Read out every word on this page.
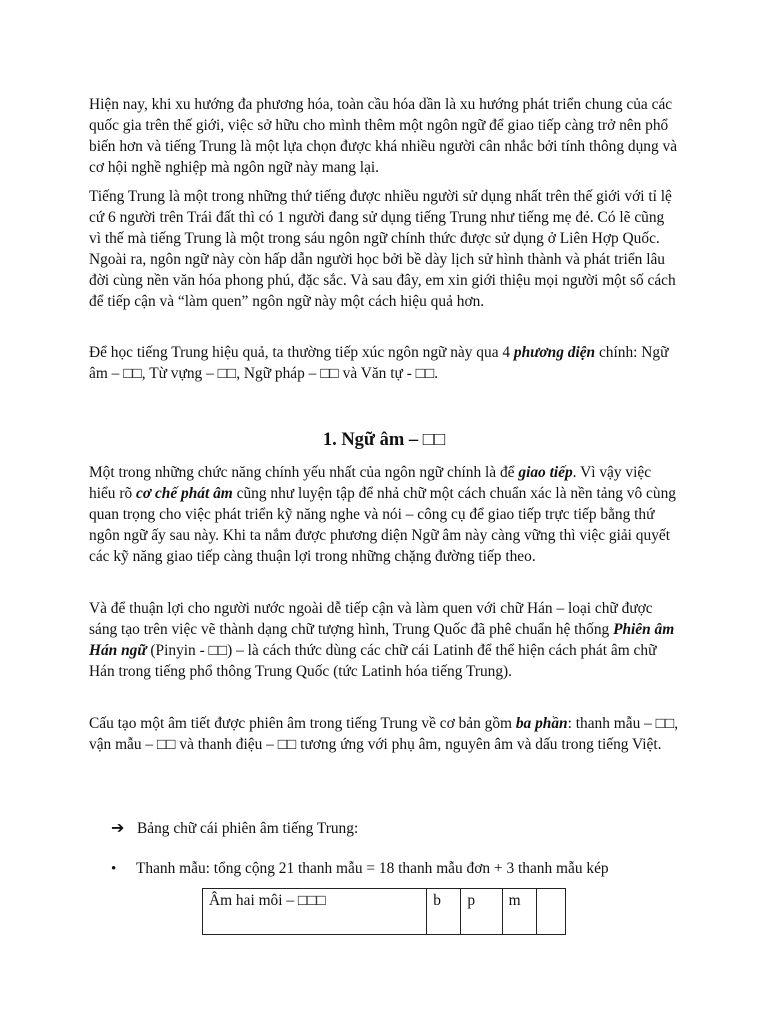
Hiện nay, khi xu hướng đa phương hóa, toàn cầu hóa dần là xu hướng phát triển chung của các quốc gia trên thế giới, việc sở hữu cho mình thêm một ngôn ngữ để giao tiếp càng trở nên phổ biến hơn và tiếng Trung là một lựa chọn được khá nhiều người cân nhắc bởi tính thông dụng và cơ hội nghề nghiệp mà ngôn ngữ này mang lại.

Tiếng Trung là một trong những thứ tiếng được nhiều người sử dụng nhất trên thế giới với tỉ lệ cứ 6 người trên Trái đất thì có 1 người đang sử dụng tiếng Trung như tiếng mẹ đẻ. Có lẽ cũng vì thế mà tiếng Trung là một trong sáu ngôn ngữ chính thức được sử dụng ở Liên Hợp Quốc. Ngoài ra, ngôn ngữ này còn hấp dẫn người học bởi bề dày lịch sử hình thành và phát triển lâu đời cùng nền văn hóa phong phú, đặc sắc. Và sau đây, em xin giới thiệu mọi người một số cách để tiếp cận và “làm quen” ngôn ngữ này một cách hiệu quả hơn.

Để học tiếng Trung hiệu quả, ta thường tiếp xúc ngôn ngữ này qua 4 phương diện chính: Ngữ âm – □□, Từ vựng – □□, Ngữ pháp – □□ và Văn tự - □□.

1. Ngữ âm – □□

Một trong những chức năng chính yếu nhất của ngôn ngữ chính là để giao tiếp. Vì vậy việc hiểu rõ cơ chế phát âm cũng như luyện tập để nhả chữ một cách chuẩn xác là nền tảng vô cùng quan trọng cho việc phát triển kỹ năng nghe và nói – công cụ để giao tiếp trực tiếp bằng thứ ngôn ngữ ấy sau này. Khi ta nắm được phương diện Ngữ âm này càng vững thì việc giải quyết các kỹ năng giao tiếp càng thuận lợi trong những chặng đường tiếp theo.

Và để thuận lợi cho người nước ngoài dễ tiếp cận và làm quen với chữ Hán – loại chữ được sáng tạo trên việc vẽ thành dạng chữ tượng hình, Trung Quốc đã phê chuẩn hệ thống Phiên âm Hán ngữ (Pinyin - □□) – là cách thức dùng các chữ cái Latinh để thể hiện cách phát âm chữ Hán trong tiếng phổ thông Trung Quốc (tức Latinh hóa tiếng Trung).

Cấu tạo một âm tiết được phiên âm trong tiếng Trung về cơ bản gồm ba phần: thanh mẫu – □□, vận mẫu – □□ và thanh điệu – □□ tương ứng với phụ âm, nguyên âm và dấu trong tiếng Việt.

➔ Bảng chữ cái phiên âm tiếng Trung:
• Thanh mẫu: tổng cộng 21 thanh mẫu = 18 thanh mẫu đơn + 3 thanh mẫu kép
Âm hai môi – □□□	b	p	m	
